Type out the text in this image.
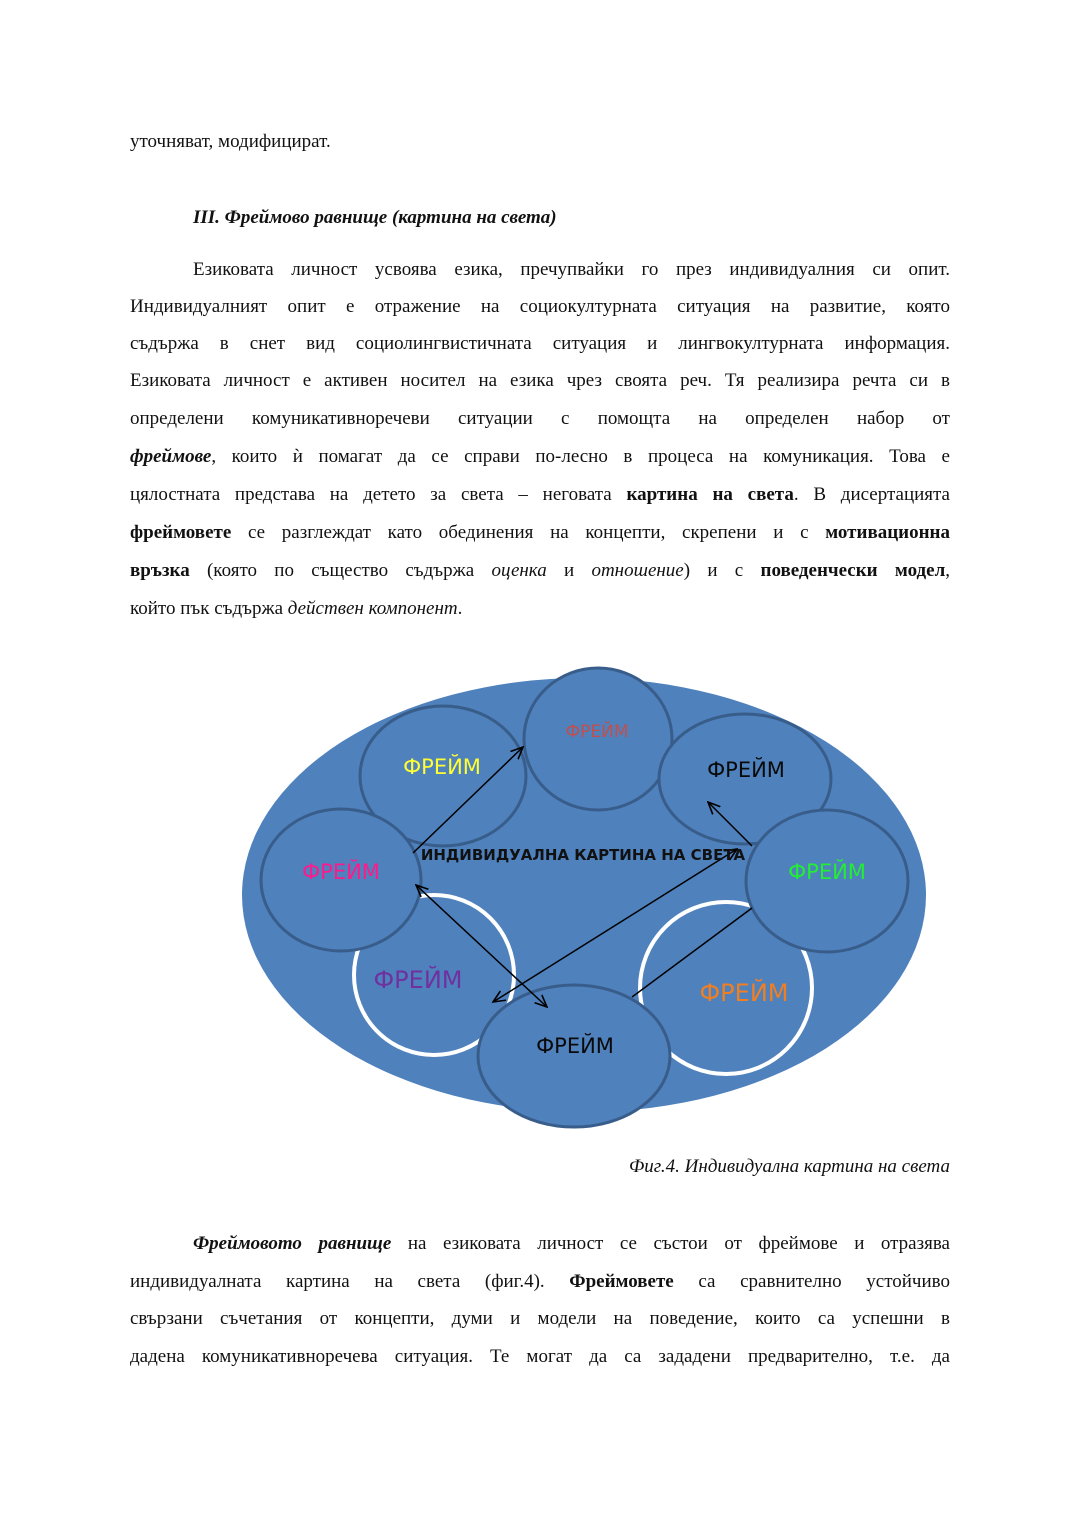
уточняват, модифицират.
III. Фреймово равнище (картина на света)
Езиковата личност усвоява езика, пречупвайки го през индивидуалния си опит.
Индивидуалният опит е отражение на социокултурната ситуация на развитие, която
съдържа в снет вид социолингвистичната ситуация и лингвокултурната информация.
Езиковата личност е активен носител на езика чрез своята реч. Тя реализира речта си в
определени комуникативноречеви ситуации с помощта на определен набор от
фреймове, които ѝ помагат да се справи по-лесно в процеса на комуникация. Това е
цялостната представа на детето за света – неговата картина на света. В дисертацията
фреймовете се разглеждат като обединения на концепти, скрепени и с мотивационна
връзка (която по същество съдържа оценка и отношение) и с поведенчески модел,
който пък съдържа действен компонент.
ИНДИВИДУАЛНА КАРТИНА НА СВЕТА
ФРЕЙМ
ФРЕЙМ
ФРЕЙМ
ФРЕЙМ	ФРЕЙМ
ФРЕЙМ	ФРЕЙМ
ФРЕЙМ
Фиг.4. Индивидуална картина на света
Фреймовото равнище на езиковата личност се състои от фреймове и отразява
индивидуалната картина на света (фиг.4). Фреймовете са сравнително устойчиво
свързани съчетания от концепти, думи и модели на поведение, които са успешни в
дадена комуникативноречева ситуация. Те могат да са зададени предварително, т.е. да
